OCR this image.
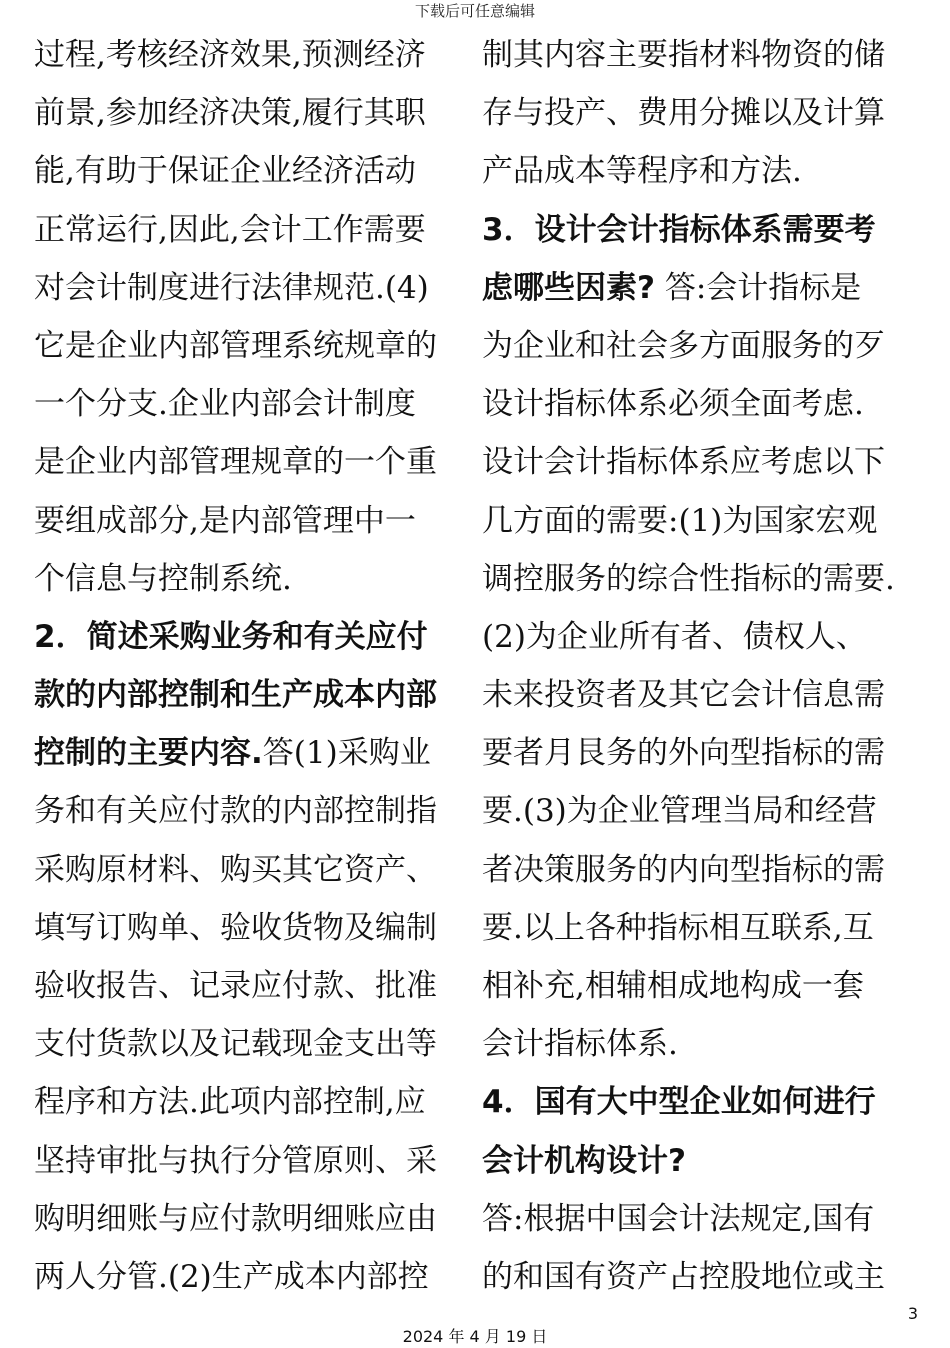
下载后可任意编辑
过程,考核经济效果,预测经济
前景,参加经济决策,履行其职
能,有助于保证企业经济活动
正常运行,因此,会计工作需要
对会计制度进行法律规范.(4)
它是企业内部管理系统规章的
一个分支.企业内部会计制度
是企业内部管理规章的一个重
要组成部分,是内部管理中一
个信息与控制系统.
2．简述采购业务和有关应付
款的内部控制和生产成本内部
控制的主要内容.答(1)采购业
务和有关应付款的内部控制指
采购原材料、购买其它资产、
填写订购单、验收货物及编制
验收报告、记录应付款、批准
支付货款以及记载现金支出等
程序和方法.此项内部控制,应
坚持审批与执行分管原则、采
购明细账与应付款明细账应由
两人分管.(2)生产成本内部控
制其内容主要指材料物资的储
存与投产、费用分摊以及计算
产品成本等程序和方法.
3．设计会计指标体系需要考
虑哪些因素? 答:会计指标是
为企业和社会多方面服务的歹
设计指标体系必须全面考虑.
设计会计指标体系应考虑以下
几方面的需要:(1)为国家宏观
调控服务的综合性指标的需要.
(2)为企业所有者、债权人、
未来投资者及其它会计信息需
要者月艮务的外向型指标的需
要.(3)为企业管理当局和经营
者决策服务的内向型指标的需
要.以上各种指标相互联系,互
相补充,相辅相成地构成一套
会计指标体系.
4．国有大中型企业如何进行
会计机构设计?
答:根据中国会计法规定,国有
的和国有资产占控股地位或主
3
2024 年 4 月 19 日
